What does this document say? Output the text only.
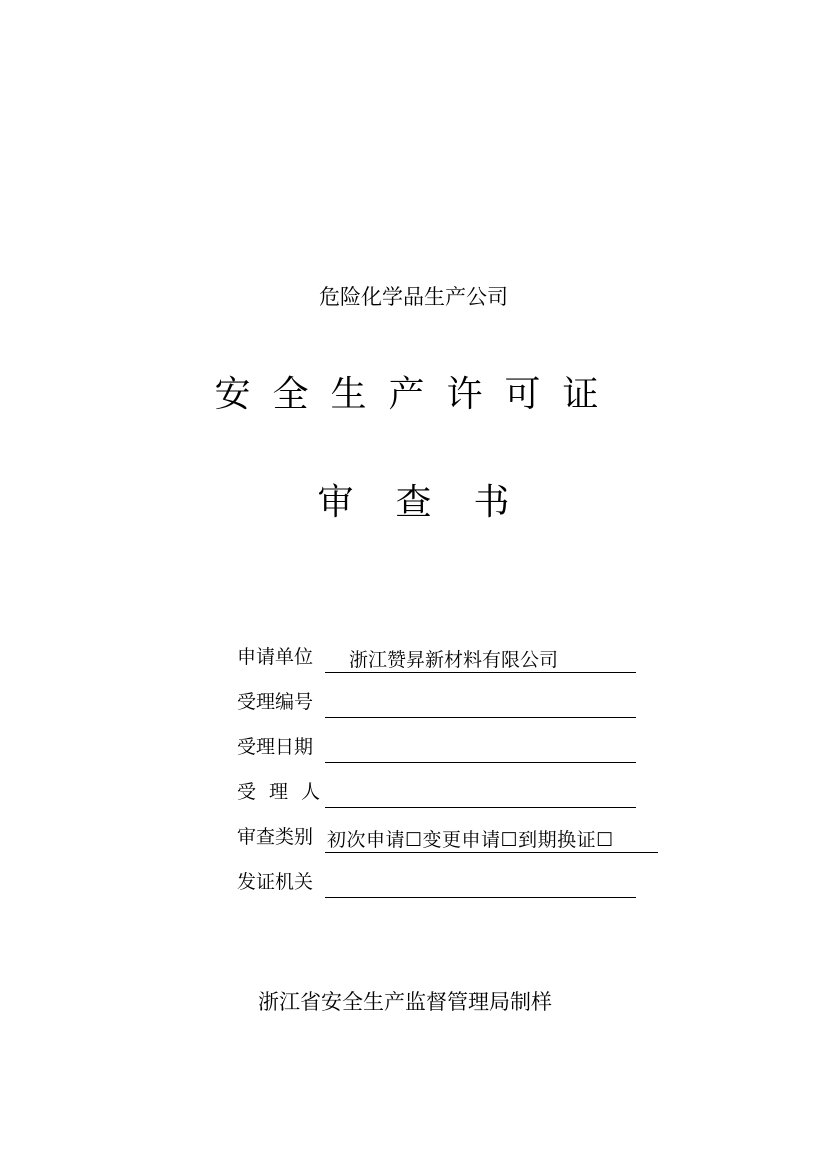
危险化学品生产公司
安全生产许可证
审查书
申请单位	浙江赞昇新材料有限公司
受理编号
受理日期
受理人
审查类别 初次申请☐变更申请☐到期换证☐
发证机关
浙江省安全生产监督管理局制样
